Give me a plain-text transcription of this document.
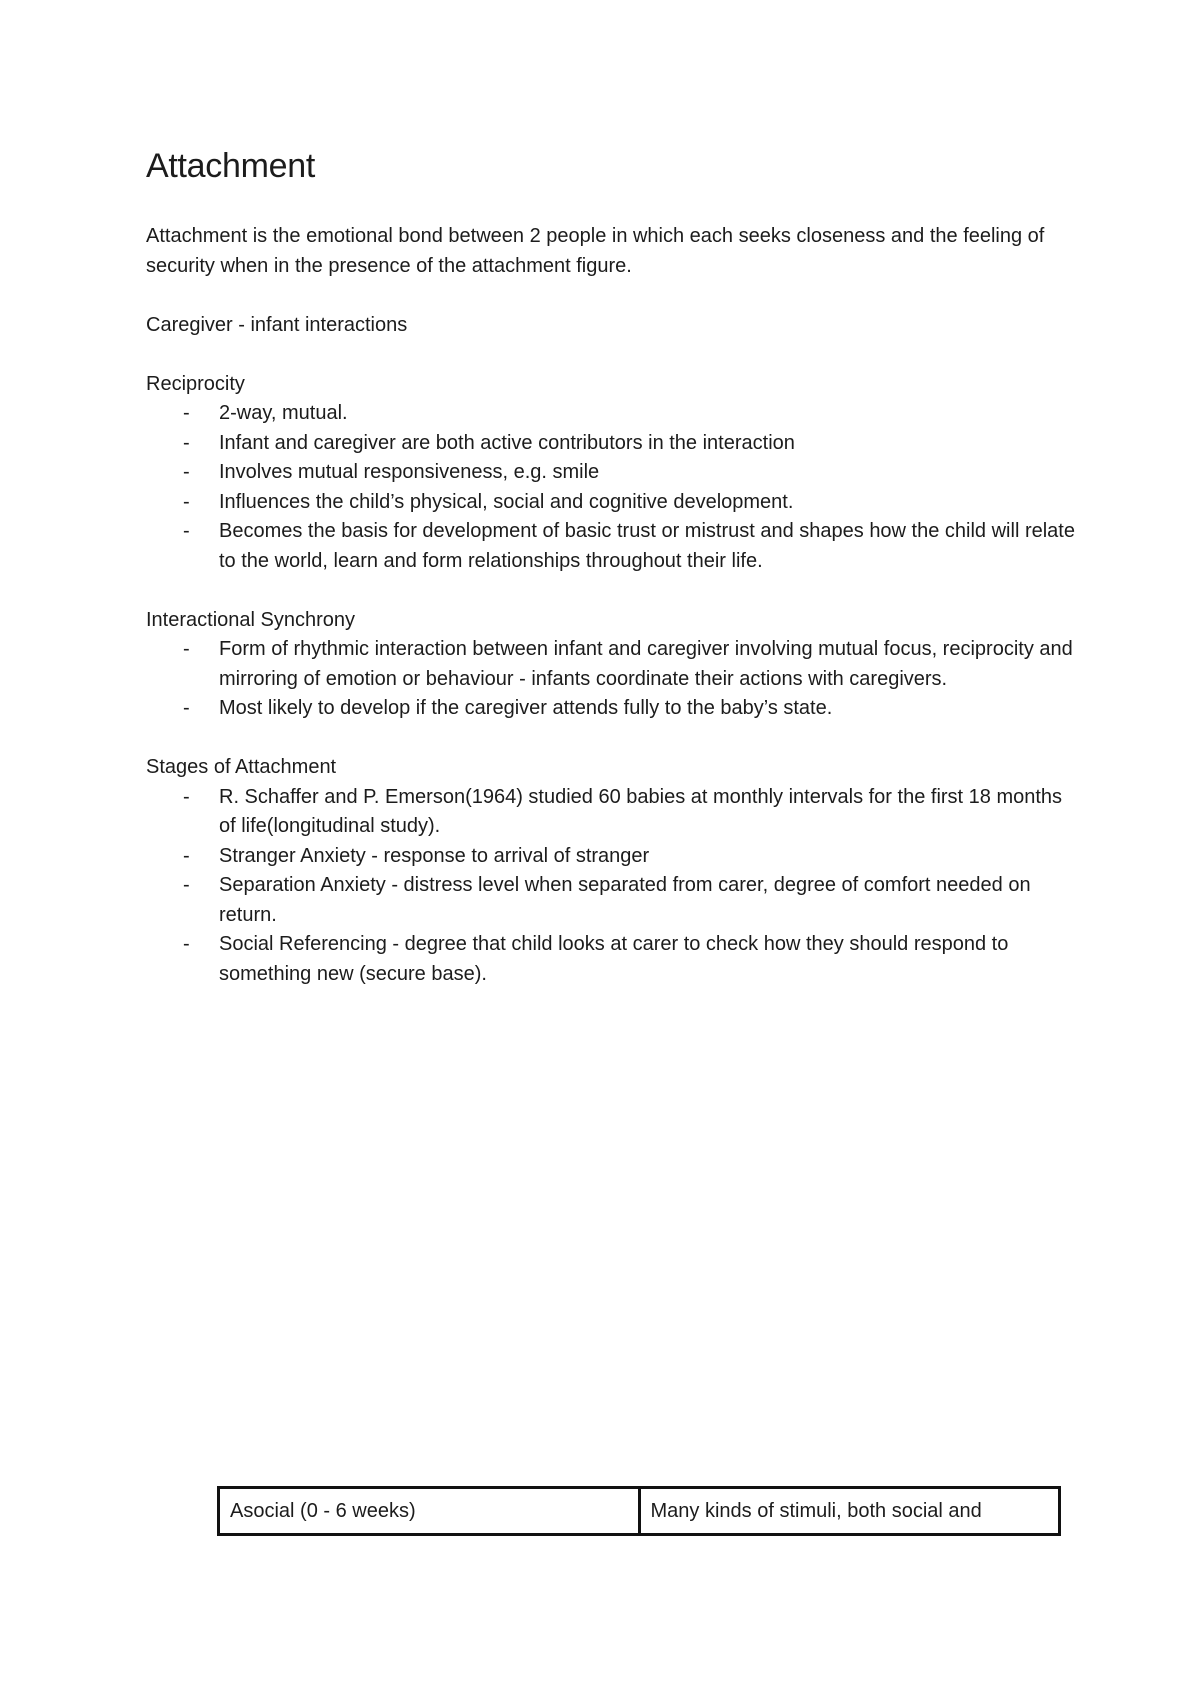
Attachment

Attachment is the emotional bond between 2 people in which each seeks closeness and the feeling of security when in the presence of the attachment figure.

Caregiver - infant interactions

Reciprocity

- 2-way, mutual.
- Infant and caregiver are both active contributors in the interaction
- Involves mutual responsiveness, e.g. smile
- Influences the child’s physical, social and cognitive development.
- Becomes the basis for development of basic trust or mistrust and shapes how the child will relate to the world, learn and form relationships throughout their life.

Interactional Synchrony

- Form of rhythmic interaction between infant and caregiver involving mutual focus, reciprocity and mirroring of emotion or behaviour - infants coordinate their actions with caregivers.
- Most likely to develop if the caregiver attends fully to the baby’s state.

Stages of Attachment

- R. Schaffer and P. Emerson(1964) studied 60 babies at monthly intervals for the first 18 months of life(longitudinal study).
- Stranger Anxiety - response to arrival of stranger
- Separation Anxiety - distress level when separated from carer, degree of comfort needed on return.
- Social Referencing - degree that child looks at carer to check how they should respond to something new (secure base).
Asocial (0 - 6 weeks)	Many kinds of stimuli, both social and
